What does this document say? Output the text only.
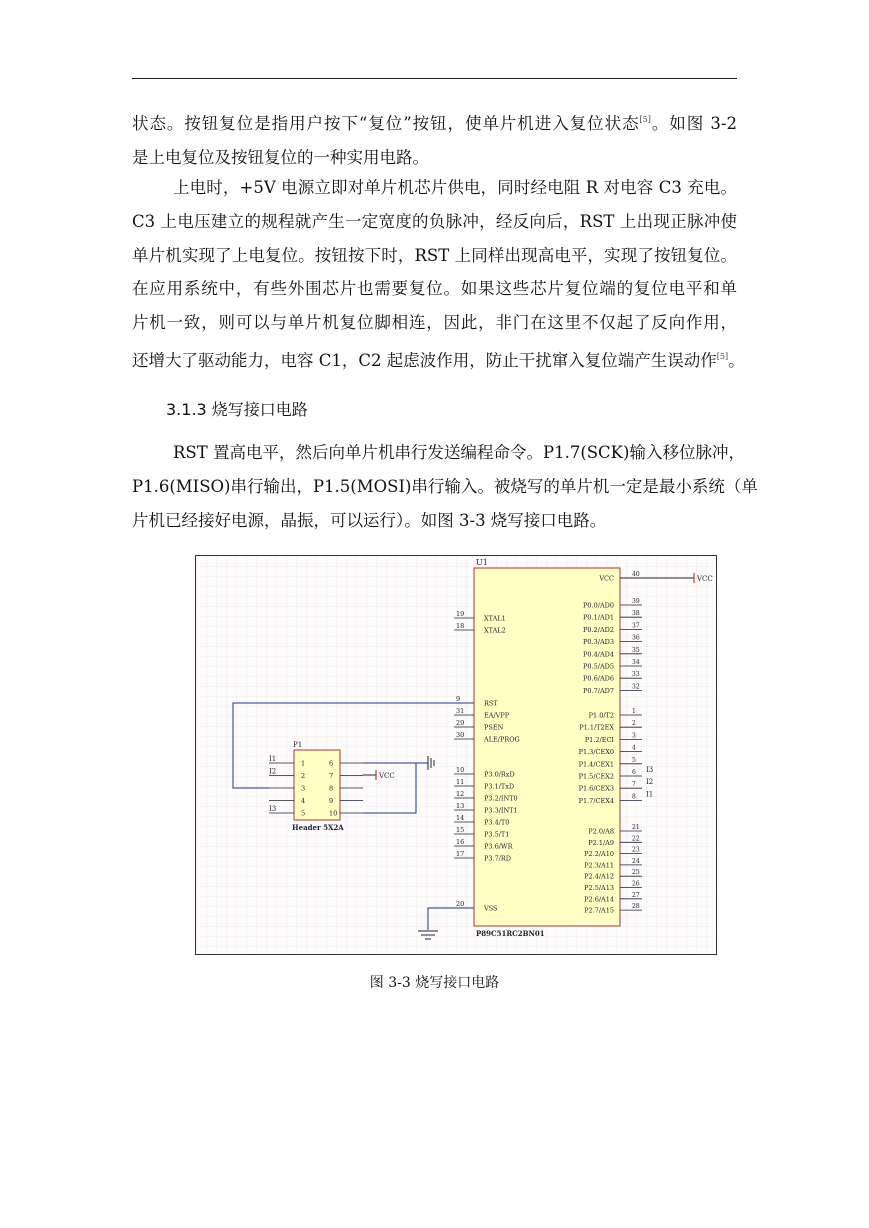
状态。按钮复位是指用户按下“复位”按钮，使单片机进入复位状态[5]。如图 3-2
是上电复位及按钮复位的一种实用电路。
上电时，+5V 电源立即对单片机芯片供电，同时经电阻 R 对电容 C3 充电。
C3 上电压建立的规程就产生一定宽度的负脉冲，经反向后，RST 上出现正脉冲使
单片机实现了上电复位。按钮按下时，RST 上同样出现高电平，实现了按钮复位。
在应用系统中，有些外围芯片也需要复位。如果这些芯片复位端的复位电平和单
片机一致，则可以与单片机复位脚相连，因此，非门在这里不仅起了反向作用，
还增大了驱动能力，电容 C1，C2 起虑波作用，防止干扰窜入复位端产生误动作[5]。

3.1.3 烧写接口电路

RST 置高电平，然后向单片机串行发送编程命令。P1.7(SCK)输入移位脉冲，
P1.6(MISO)串行输出，P1.5(MOSI)串行输入。被烧写的单片机一定是最小系统（单
片机已经接好电源，晶振，可以运行）。如图 3-3 烧写接口电路。
U1
P89C51RC2BN01
19
XTAL1
18
XTAL2
9
RST
31
EA/VPP
29
PSEN
30
ALE/PROG
10
P3.0/RxD
11
P3.1/TxD
12
P3.2/INT0
13
P3.3/INT1
14
P3.4/T0
15
P3.5/T1
16
P3.6/WR
17
P3.7/RD
20
VSS
40
VCC
39
P0.0/AD0
38
P0.1/AD1
37
P0.2/AD2
36
P0.3/AD3
35
P0.4/AD4
34
P0.5/AD5
33
P0.6/AD6
32
P0.7/AD7
1
P1.0/T2
2
P1.1/T2EX
3
P1.2/ECI
4
P1.3/CEX0
5
P1.4/CEX1
6
P1.5/CEX2
7
P1.6/CEX3
8
P1.7/CEX4
21
P2.0/A8
22
P2.1/A9
23
P2.2/A10
24
P2.3/A11
25
P2.4/A12
26
P2.5/A13
27
P2.6/A14
28
P2.7/A15
I3
I2
I1
VCC
P1
Header 5X2A
1
2
3
4
5
6
7
8
9
10
I1
I2
I3
VCC

图 3-3 烧写接口电路
